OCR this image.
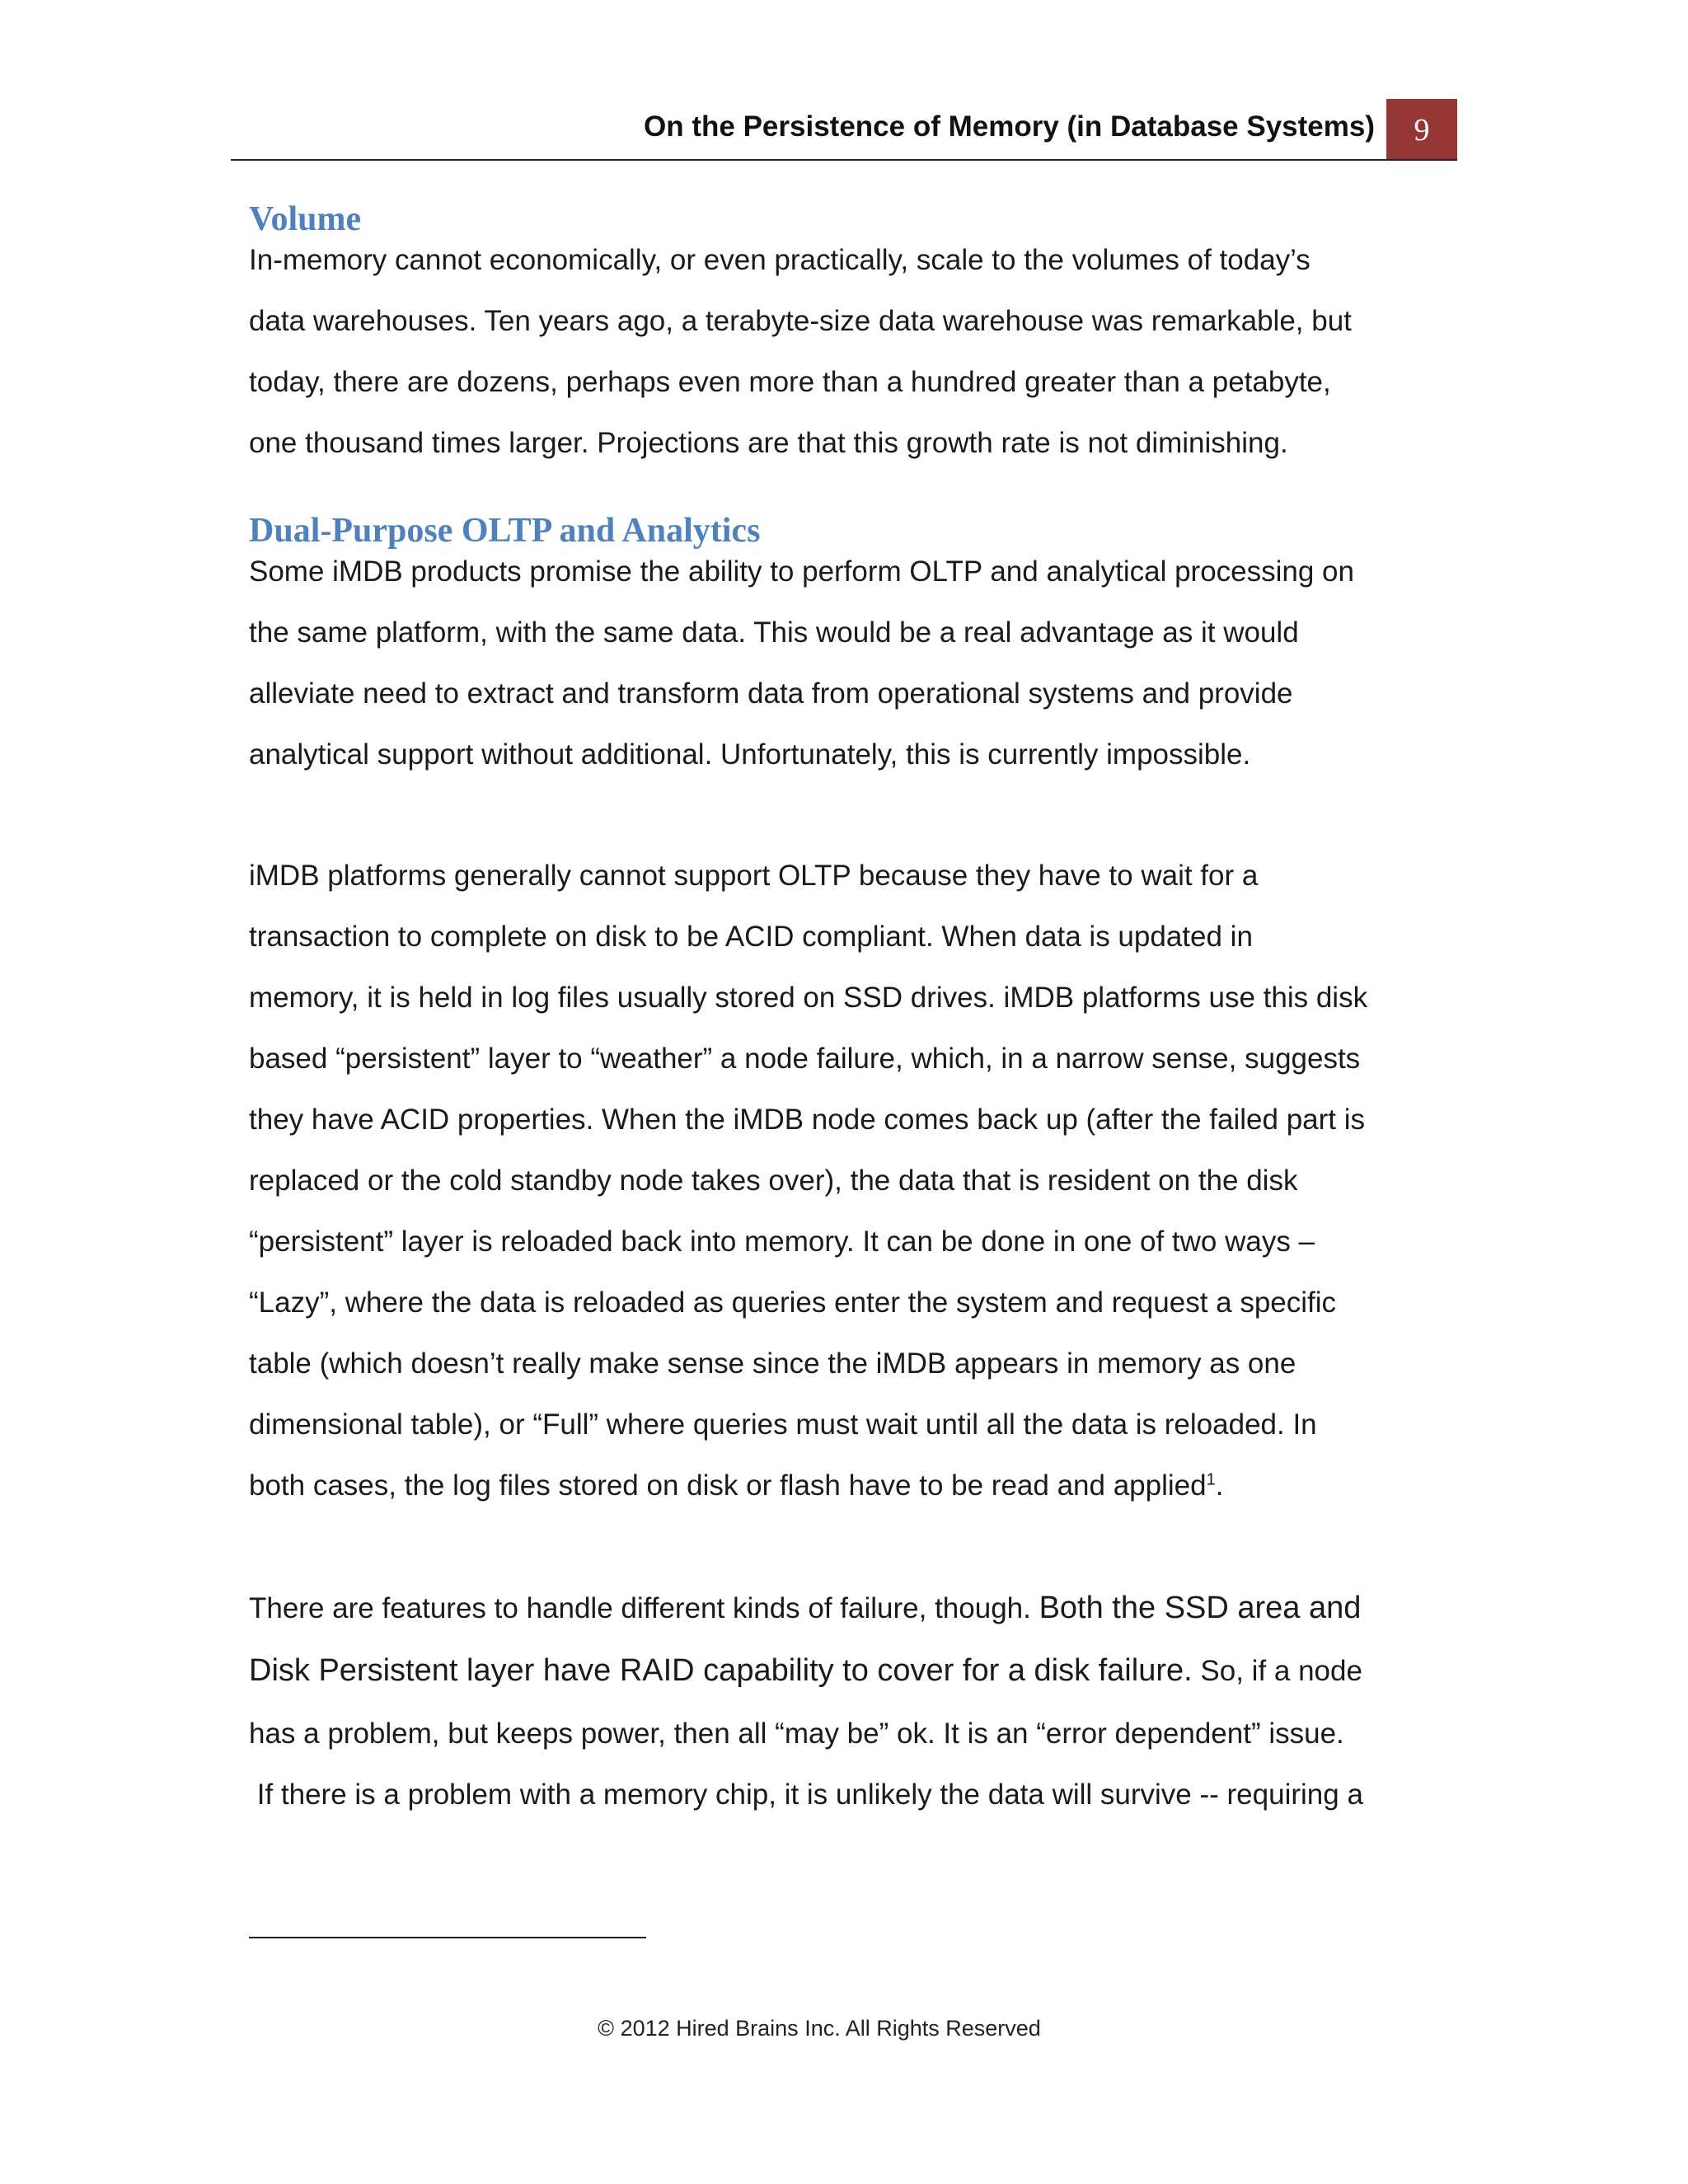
On the Persistence of Memory (in Database Systems)	9
Volume
In-memory cannot economically, or even practically, scale to the volumes of today’s
data warehouses. Ten years ago, a terabyte-size data warehouse was remarkable, but
today, there are dozens, perhaps even more than a hundred greater than a petabyte,
one thousand times larger. Projections are that this growth rate is not diminishing.
Dual-Purpose OLTP and Analytics
Some iMDB products promise the ability to perform OLTP and analytical processing on
the same platform, with the same data. This would be a real advantage as it would
alleviate need to extract and transform data from operational systems and provide
analytical support without additional. Unfortunately, this is currently impossible.
iMDB platforms generally cannot support OLTP because they have to wait for a
transaction to complete on disk to be ACID compliant. When data is updated in
memory, it is held in log files usually stored on SSD drives. iMDB platforms use this disk
based “persistent” layer to “weather” a node failure, which, in a narrow sense, suggests
they have ACID properties. When the iMDB node comes back up (after the failed part is
replaced or the cold standby node takes over), the data that is resident on the disk
“persistent” layer is reloaded back into memory. It can be done in one of two ways –
“Lazy”, where the data is reloaded as queries enter the system and request a specific
table (which doesn’t really make sense since the iMDB appears in memory as one
dimensional table), or “Full” where queries must wait until all the data is reloaded. In
both cases, the log files stored on disk or flash have to be read and applied$^1$.
There are features to handle different kinds of failure, though. Both the SSD area and
Disk Persistent layer have RAID capability to cover for a disk failure. So, if a node
has a problem, but keeps power, then all “may be” ok. It is an “error dependent” issue.
If there is a problem with a memory chip, it is unlikely the data will survive -- requiring a
© 2012 Hired Brains Inc. All Rights Reserved
